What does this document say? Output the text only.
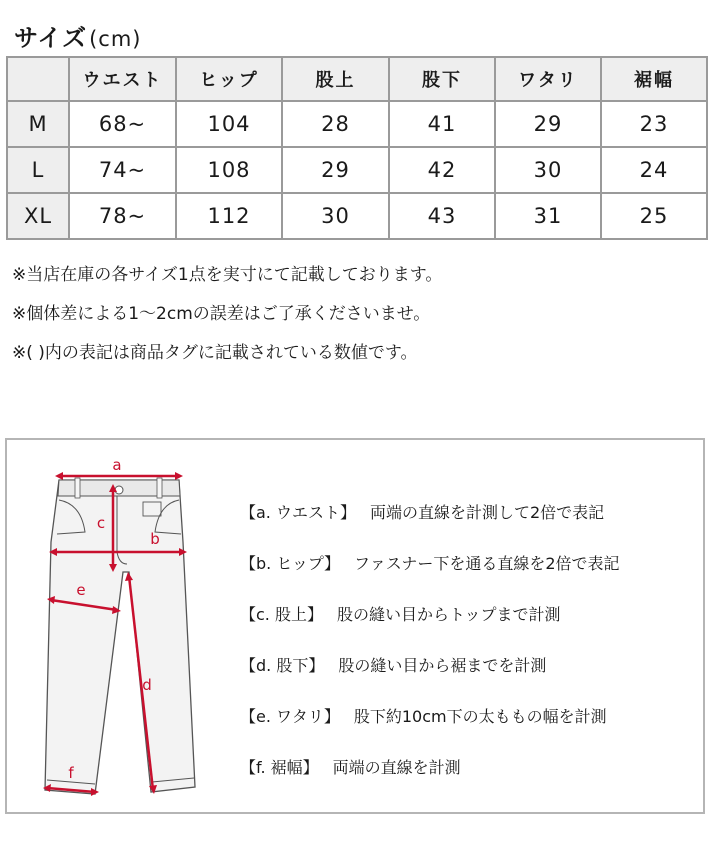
サイズ(cm)
	ウエスト	ヒップ	股上	股下	ワタリ	裾幅
M	68~	104	28	41	29	23
L	74~	108	29	42	30	24
XL	78~	112	30	43	31	25
※当店在庫の各サイズ1点を実寸にて記載しております。
※個体差による1〜2cmの誤差はご了承くださいませ。
※( )内の表記は商品タグに記載されている数値です。
a
c
b
e
d
f
【a. ウエスト】 両端の直線を計測して2倍で表記
【b. ヒップ】 ファスナー下を通る直線を2倍で表記
【c. 股上】 股の縫い目からトップまで計測
【d. 股下】 股の縫い目から裾までを計測
【e. ワタリ】 股下約10cm下の太ももの幅を計測
【f. 裾幅】 両端の直線を計測
